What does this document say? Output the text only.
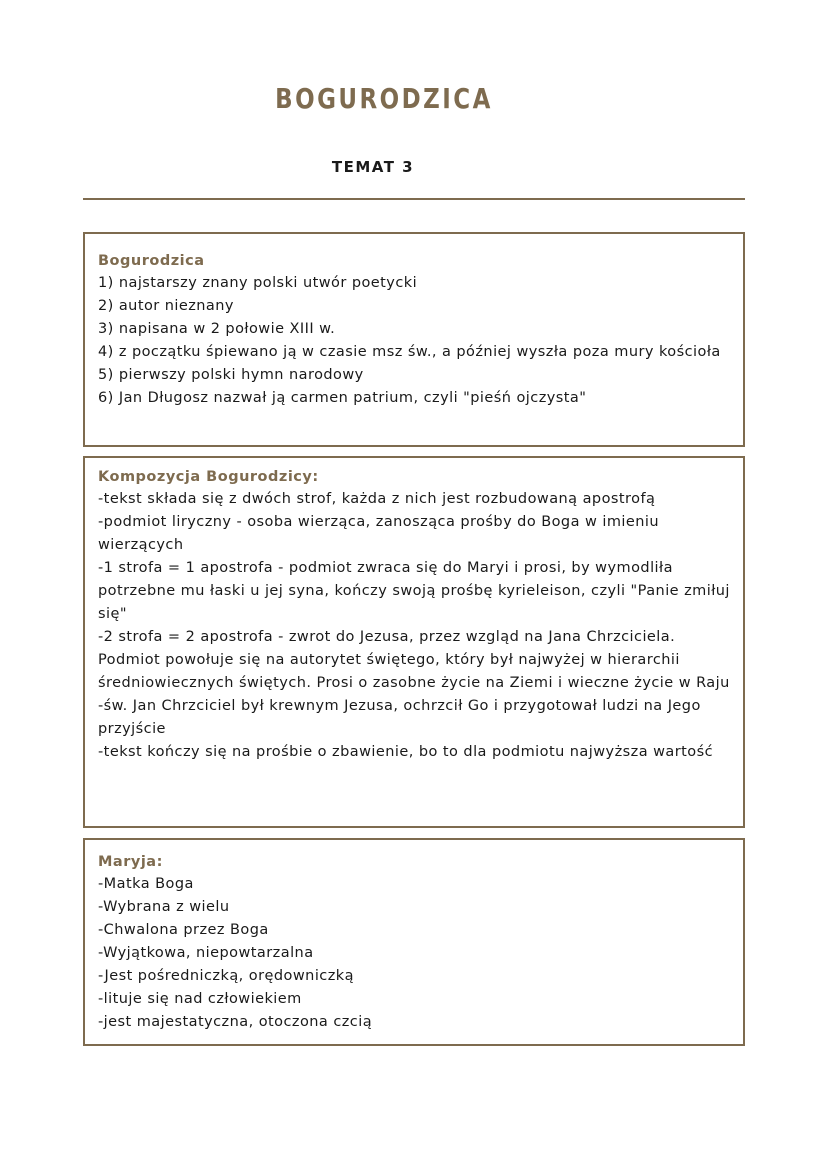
BOGURODZICA
TEMAT 3
Bogurodzica
1) najstarszy znany polski utwór poetycki
2) autor nieznany
3) napisana w 2 połowie XIII w.
4) z początku śpiewano ją w czasie msz św., a później wyszła poza mury kościoła
5) pierwszy polski hymn narodowy
6) Jan Długosz nazwał ją carmen patrium, czyli "pieśń ojczysta"
Kompozycja Bogurodzicy:
-tekst składa się z dwóch strof, każda z nich jest rozbudowaną apostrofą
-podmiot liryczny - osoba wierząca, zanosząca prośby do Boga w imieniu wierzących
-1 strofa = 1 apostrofa - podmiot zwraca się do Maryi i prosi, by wymodliła potrzebne mu łaski u jej syna, kończy swoją prośbę kyrieleison, czyli "Panie zmiłuj się"
-2 strofa = 2 apostrofa - zwrot do Jezusa, przez wzgląd na Jana Chrzciciela. Podmiot powołuje się na autorytet świętego, który był najwyżej w hierarchii średniowiecznych świętych. Prosi o zasobne życie na Ziemi i wieczne życie w Raju
-św. Jan Chrzciciel był krewnym Jezusa, ochrzcił Go i przygotował ludzi na Jego przyjście
-tekst kończy się na prośbie o zbawienie, bo to dla podmiotu najwyższa wartość
Maryja:
-Matka Boga
-Wybrana z wielu
-Chwalona przez Boga
-Wyjątkowa, niepowtarzalna
-Jest pośredniczką, orędowniczką
-lituje się nad człowiekiem
-jest majestatyczna, otoczona czcią
